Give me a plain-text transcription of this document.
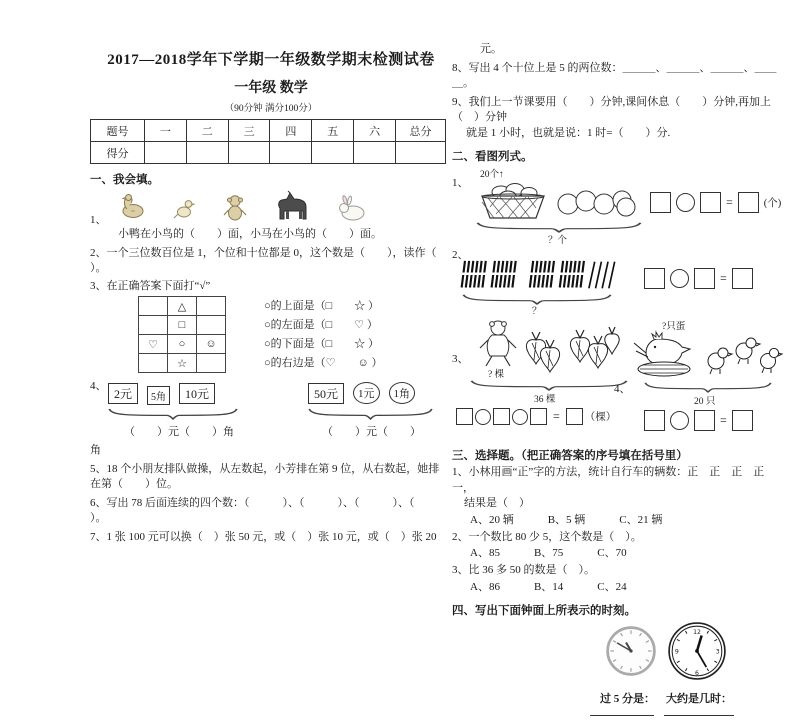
2017—2018学年下学期一年级数学期末检测试卷
一年级 数学
（90分钟 满分100分）
题号	一	二	三	四	五	六	总分
得分							
一、我会填。
1、
小鸭在小鸟的（　　）面，小马在小鸟的（　　）面。
2、一个三位数百位是 1，个位和十位都是 0，这个数是（　　），读作（
）。
3、在正确答案下面打“√”
	△	
	□	
♡	○	☺
	☆	
○的上面是（□　　☆ ）
○的左面是（□　　♡ ）
○的下面是（□　　☆ ）
○的右边是（♡　　☺ ）
4、
2元	5角	10元
（　　）元（　　）角
50元	1元	1角
（　　）元（　　）
角
5、18 个小朋友排队做操，从左数起，小芳排在第 9 位，从右数起，她排
在第（　　）位。
6、写出 78 后面连续的四个数：（　　　）、（　　　）、（　　　）、（
）。
7、1 张 100 元可以换（　）张 50 元，或（　）张 10 元，或（　）张 20
元。
8、写出 4 个十位上是 5 的两位数：＿＿＿、＿＿＿、＿＿＿、＿＿＿。
9、我们上一节课要用（　　）分钟,课间休息（　　）分钟,再加上（　）分钟
就是 1 小时，也就是说：1 时=（　　）分.
二、看图列式。
1、
20个↑
？个
=	(个)
2、
？
=
3、
? 棵
36 棵
= （棵）
?只蛋
4、
20 只
=
三、选择题。（把正确答案的序号填在括号里）
1、小林用画“正”字的方法，统计自行车的辆数：正　正　正　正　一，
结果是（　）
A、20 辆	B、5 辆	C、21 辆
2、一个数比 80 少 5，这个数是（　）。
A、85	B、75	C、70
3、比 36 多 50 的数是（　）。
A、86	B、14	C、24
四、写出下面钟面上所表示的时刻。
12
3
6
9
过 5 分是： 大约是几时：
